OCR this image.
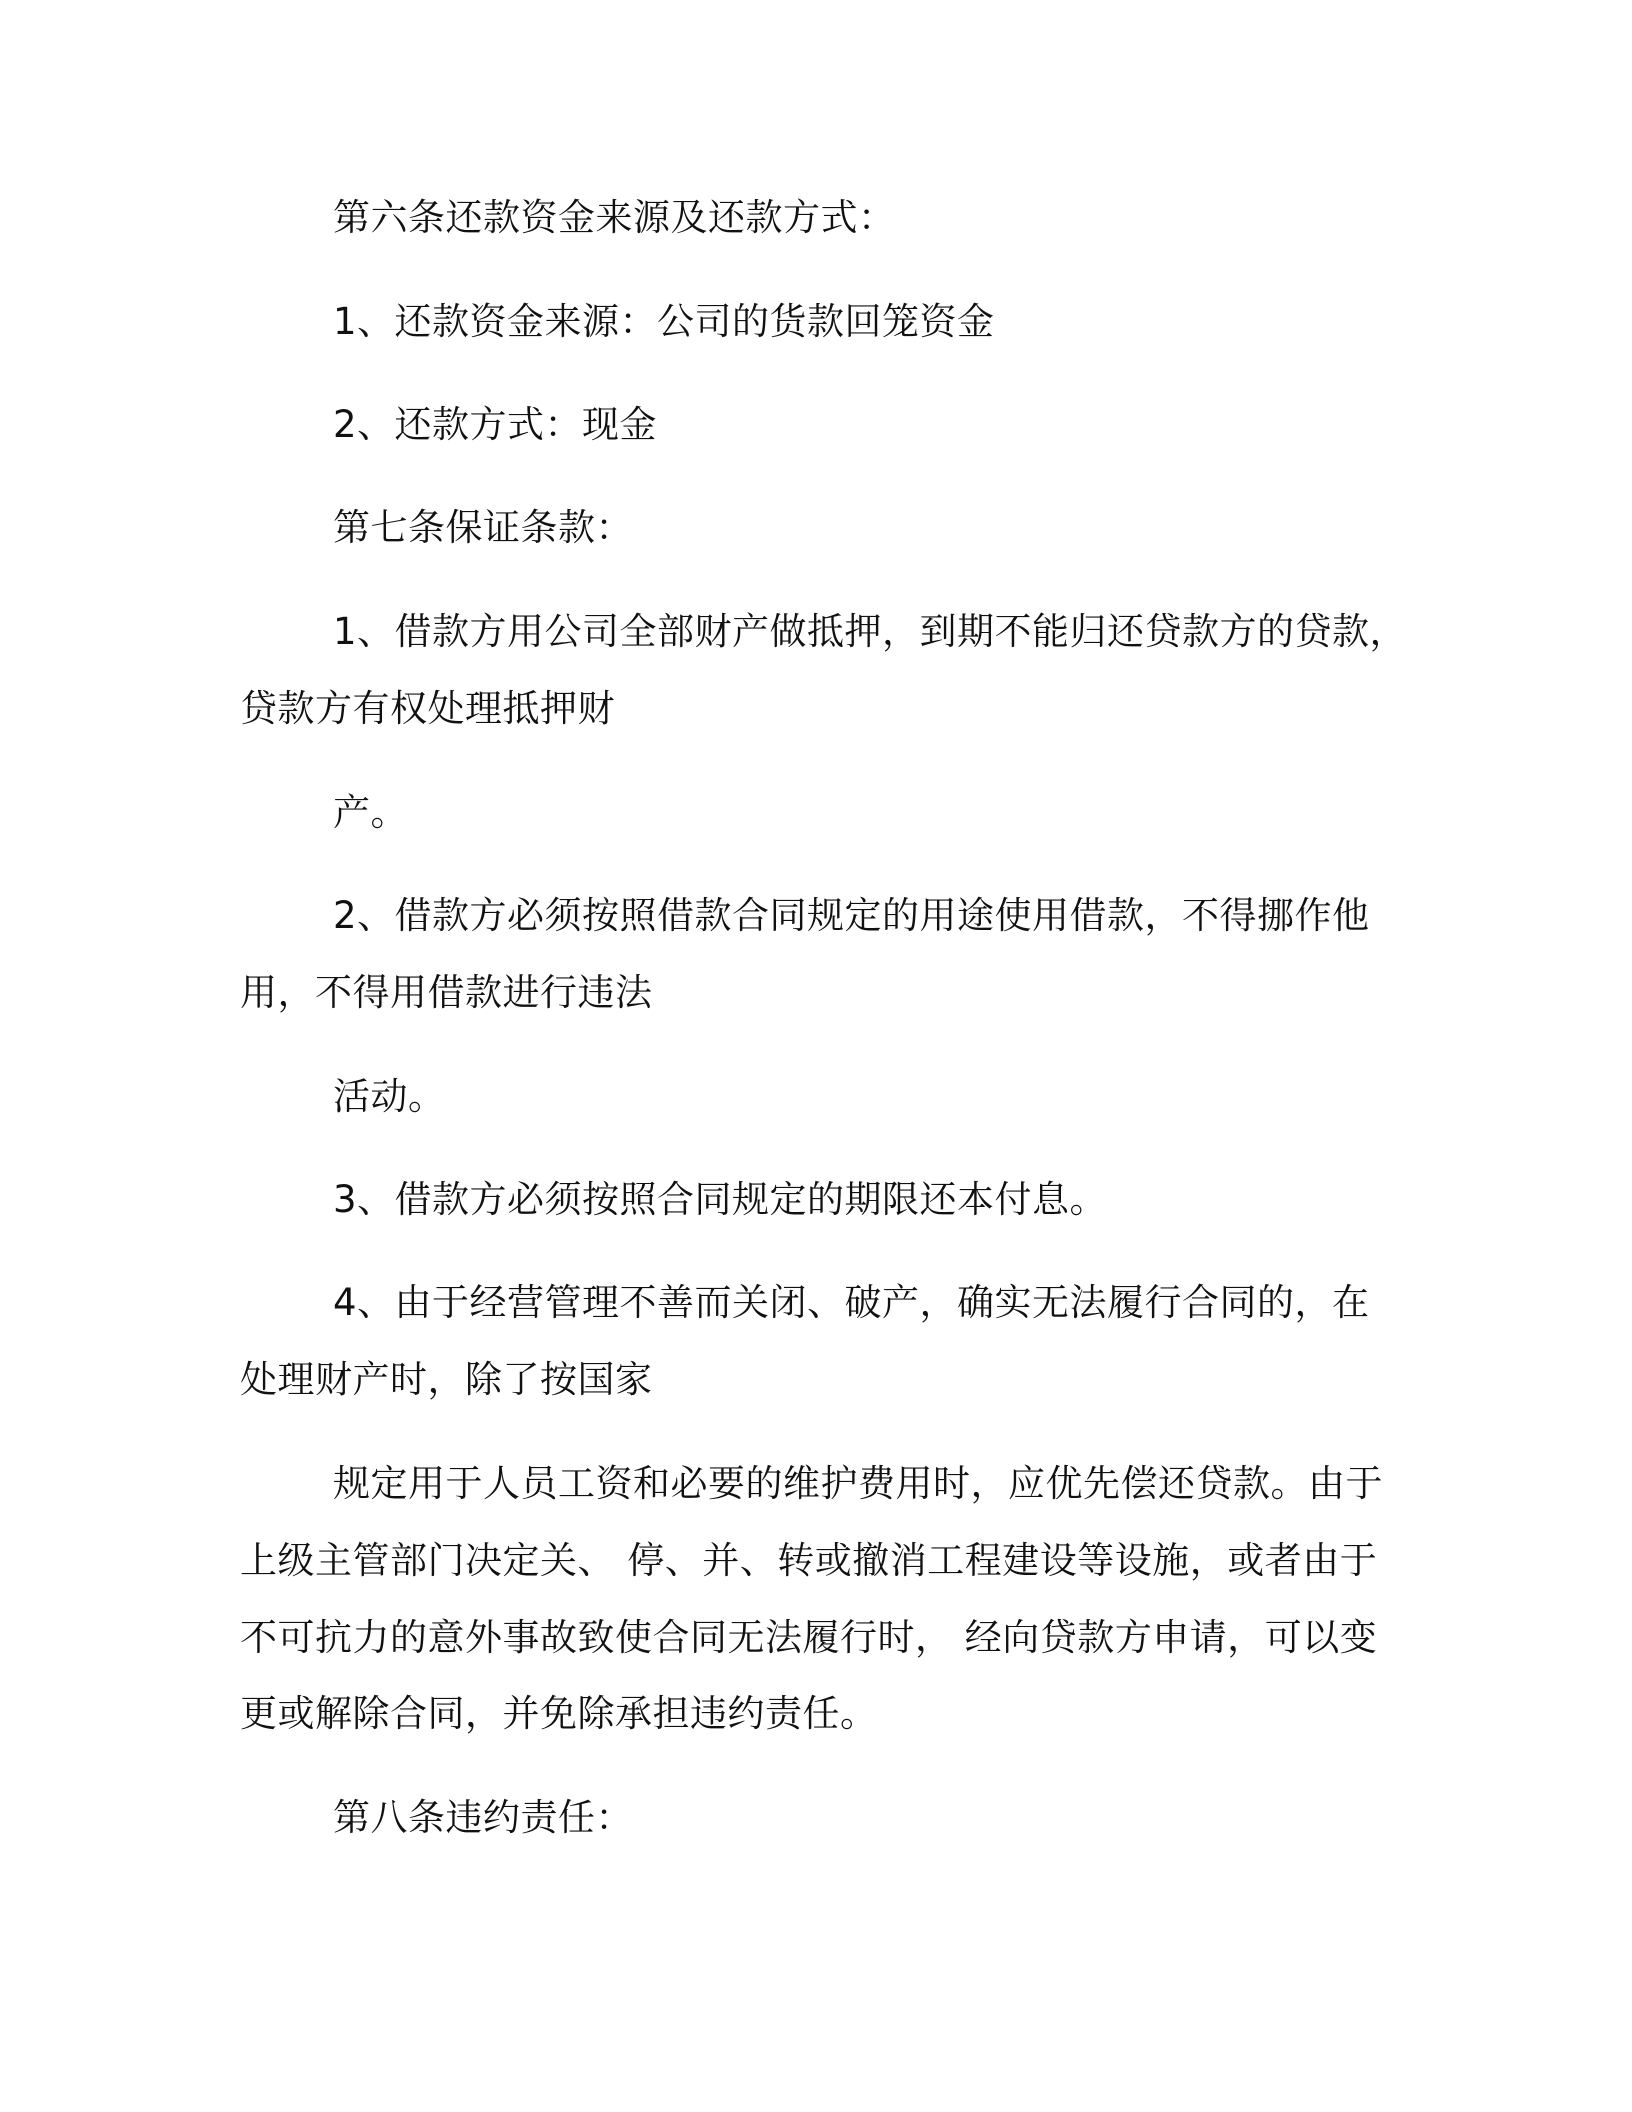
第六条还款资金来源及还款方式：
1、还款资金来源：公司的货款回笼资金
2、还款方式：现金
第七条保证条款：
1、借款方用公司全部财产做抵押，到期不能归还贷款方的贷款，
贷款方有权处理抵押财
产。
2、借款方必须按照借款合同规定的用途使用借款，不得挪作他
用，不得用借款进行违法
活动。
3、借款方必须按照合同规定的期限还本付息。
4、由于经营管理不善而关闭、破产，确实无法履行合同的，在
处理财产时，除了按国家
规定用于人员工资和必要的维护费用时，应优先偿还贷款。由于
上级主管部门决定关、 停、并、转或撤消工程建设等设施，或者由于
不可抗力的意外事故致使合同无法履行时， 经向贷款方申请，可以变
更或解除合同，并免除承担违约责任。
第八条违约责任：
